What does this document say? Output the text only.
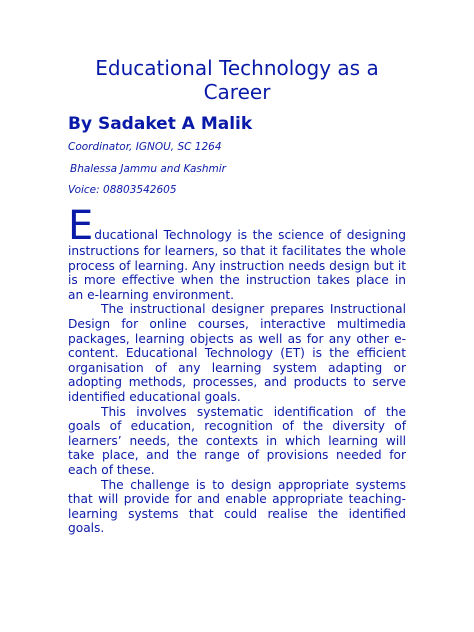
Educational Technology as a Career

By Sadaket A Malik

Coordinator, IGNOU, SC 1264

Bhalessa Jammu and Kashmir

Voice: 08803542605

Educational Technology is the science of designing instructions for learners, so that it facilitates the whole process of learning. Any instruction needs design but it is more effective when the instruction takes place in an e-learning environment.

The instructional designer prepares Instructional Design for online courses, interactive multimedia packages, learning objects as well as for any other e-content. Educational Technology (ET) is the efficient organisation of any learning system adapting or adopting methods, processes, and products to serve identified educational goals.

This involves systematic identification of the goals of education, recognition of the diversity of learners’ needs, the contexts in which learning will take place, and the range of provisions needed for each of these.

The challenge is to design appropriate systems that will provide for and enable appropriate teaching-learning systems that could realise the identified goals.
